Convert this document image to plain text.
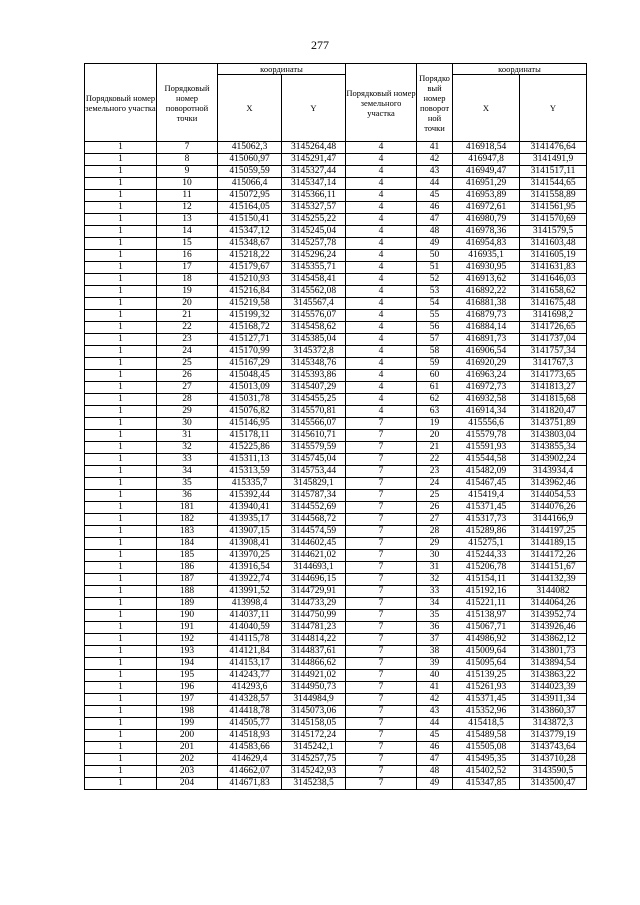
277
Порядковый номер земельного участка	Порядковый номер поворотной точки	координаты		Порядковый номер земельного участка	Порядко вый номер поворот ной точки	координаты	
		X	Y			X	Y
1	7	415062,3	3145264,48	4	41	416918,54	3141476,64
1	8	415060,97	3145291,47	4	42	416947,8	3141491,9
1	9	415059,59	3145327,44	4	43	416949,47	3141517,11
1	10	415066,4	3145347,14	4	44	416951,29	3141544,65
1	11	415072,95	3145366,11	4	45	416953,89	3141558,89
1	12	415164,05	3145327,57	4	46	416972,61	3141561,95
1	13	415150,41	3145255,22	4	47	416980,79	3141570,69
1	14	415347,12	3145245,04	4	48	416978,36	3141579,5
1	15	415348,67	3145257,78	4	49	416954,83	3141603,48
1	16	415218,22	3145296,24	4	50	416935,1	3141605,19
1	17	415179,67	3145355,71	4	51	416930,95	3141631,83
1	18	415210,93	3145458,41	4	52	416913,62	3141646,03
1	19	415216,84	3145562,08	4	53	416892,22	3141658,62
1	20	415219,58	3145567,4	4	54	416881,38	3141675,48
1	21	415199,32	3145576,07	4	55	416879,73	3141698,2
1	22	415168,72	3145458,62	4	56	416884,14	3141726,65
1	23	415127,71	3145385,04	4	57	416891,73	3141737,04
1	24	415170,99	3145372,8	4	58	416906,54	3141757,34
1	25	415167,29	3145348,76	4	59	416920,29	3141767,3
1	26	415048,45	3145393,86	4	60	416963,24	3141773,65
1	27	415013,09	3145407,29	4	61	416972,73	3141813,27
1	28	415031,78	3145455,25	4	62	416932,58	3141815,68
1	29	415076,82	3145570,81	4	63	416914,34	3141820,47
1	30	415146,95	3145566,07	7	19	415556,6	3143751,89
1	31	415178,11	3145610,71	7	20	415579,78	3143803,04
1	32	415225,86	3145579,59	7	21	415591,93	3143855,34
1	33	415311,13	3145745,04	7	22	415544,58	3143902,24
1	34	415313,59	3145753,44	7	23	415482,09	3143934,4
1	35	415335,7	3145829,1	7	24	415467,45	3143962,46
1	36	415392,44	3145787,34	7	25	415419,4	3144054,53
1	181	413940,41	3144552,69	7	26	415371,45	3144076,26
1	182	413935,17	3144568,72	7	27	415317,73	3144166,9
1	183	413907,15	3144574,59	7	28	415289,86	3144197,25
1	184	413908,41	3144602,45	7	29	415275,1	3144189,15
1	185	413970,25	3144621,02	7	30	415244,33	3144172,26
1	186	413916,54	3144693,1	7	31	415206,78	3144151,67
1	187	413922,74	3144696,15	7	32	415154,11	3144132,39
1	188	413991,52	3144729,91	7	33	415192,16	3144082
1	189	413998,4	3144733,29	7	34	415221,11	3144064,26
1	190	414037,11	3144750,99	7	35	415138,97	3143952,74
1	191	414040,59	3144781,23	7	36	415067,71	3143926,46
1	192	414115,78	3144814,22	7	37	414986,92	3143862,12
1	193	414121,84	3144837,61	7	38	415009,64	3143801,73
1	194	414153,17	3144866,62	7	39	415095,64	3143894,54
1	195	414243,77	3144921,02	7	40	415139,25	3143863,22
1	196	414293,6	3144950,73	7	41	415261,93	3144023,39
1	197	414328,57	3144984,9	7	42	415371,45	3143911,34
1	198	414418,78	3145073,06	7	43	415352,96	3143860,37
1	199	414505,77	3145158,05	7	44	415418,5	3143872,3
1	200	414518,93	3145172,24	7	45	415489,58	3143779,19
1	201	414583,66	3145242,1	7	46	415505,08	3143743,64
1	202	414629,4	3145257,75	7	47	415495,35	3143710,28
1	203	414662,07	3145242,93	7	48	415402,52	3143590,5
1	204	414671,83	3145238,5	7	49	415347,85	3143500,47
